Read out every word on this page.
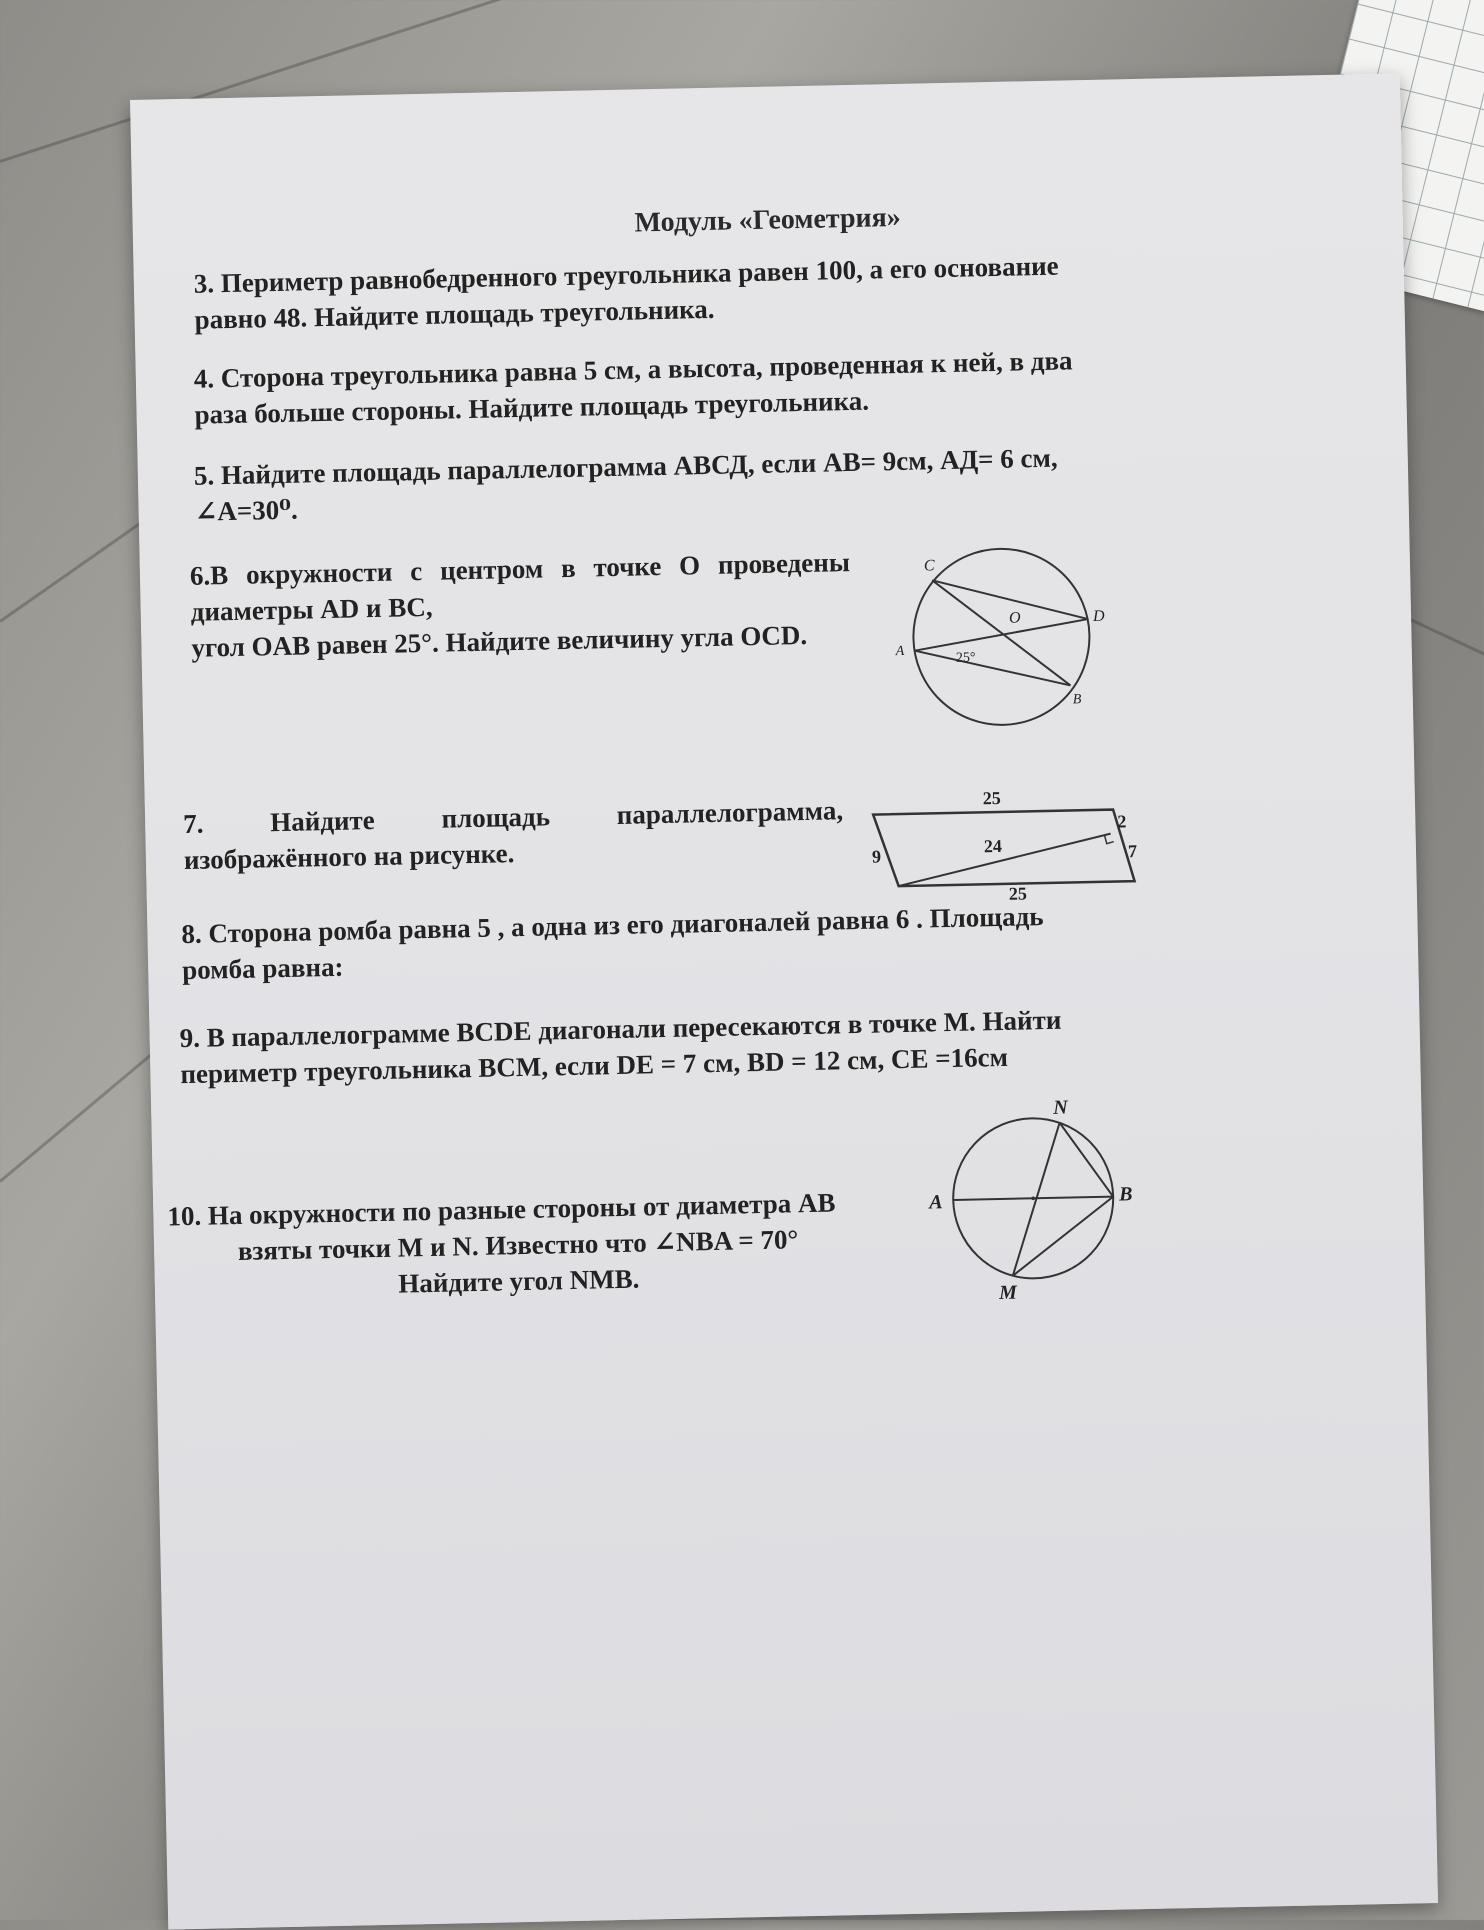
Модуль «Геометрия»
3. Периметр равнобедренного треугольника равен 100, а его основание
равно 48. Найдите площадь треугольника.
4. Сторона треугольника равна 5 см, а высота, проведенная к ней, в два
раза больше стороны. Найдите площадь треугольника.
5. Найдите площадь параллелограмма АВСД, если АВ= 9см, АД= 6 см,
∠А=30⁰.
6.В окружности с центром в точке О проведены
диаметры AD и BC,
угол OAB равен 25°. Найдите величину угла OCD.
C
O	D
A
B
25°
7. Найдите площадь параллелограмма,
изображённого на рисунке.
25
25
9
24
2
7
8. Сторона ромба равна 5 , а одна из его диагоналей равна 6 . Площадь
ромба равна:
9. В параллелограмме BCDE диагонали пересекаются в точке М. Найти
периметр треугольника BCM, если DE = 7 см, BD = 12 см, CE =16см
10. На окружности по разные стороны от диаметра AB
взяты точки M и N. Известно что ∠NBA = 70°
Найдите угол NMB.
N
A	B
M
